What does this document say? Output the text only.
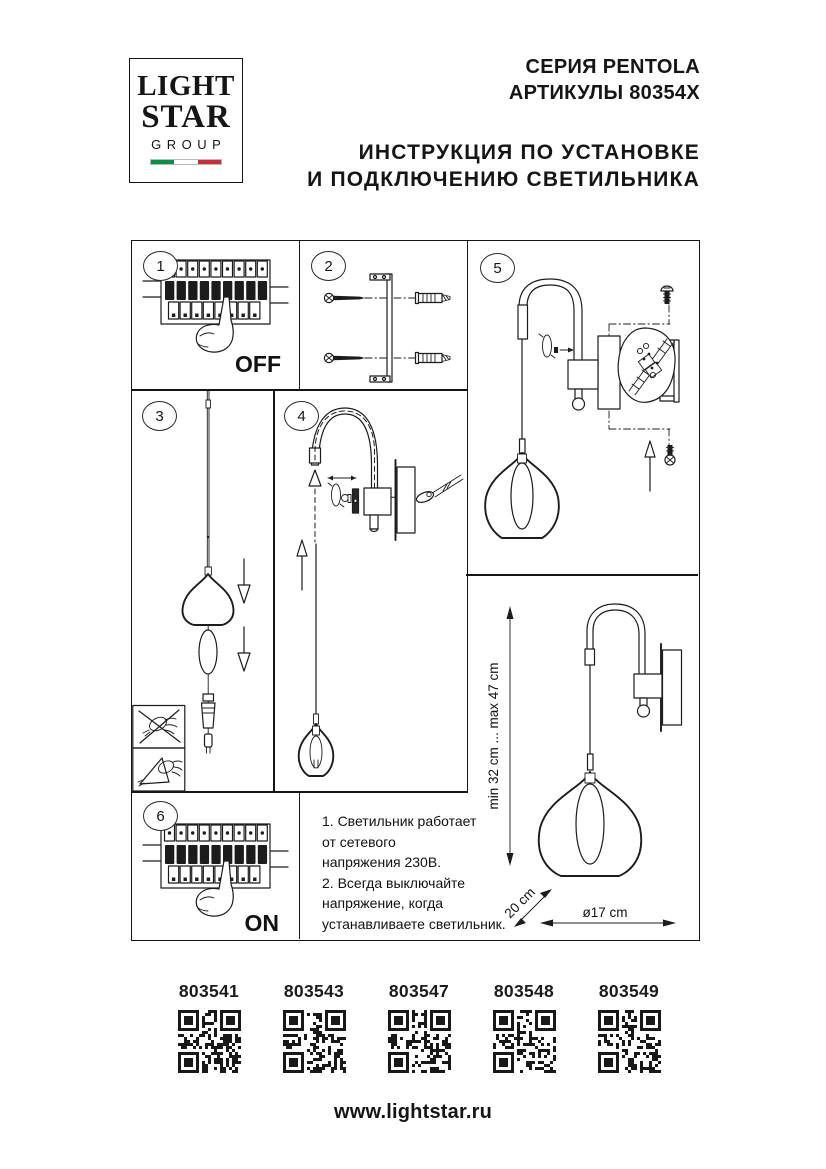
LIGHT
STAR
GROUP
СЕРИЯ PENTOLA
АРТИКУЛЫ 80354X
ИНСТРУКЦИЯ ПО УСТАНОВКЕ
И ПОДКЛЮЧЕНИЮ СВЕТИЛЬНИКА
1	2	5
3	4
6
OFF
ON
min 32 cm ... max 47 cm
20 cm	ø17 cm
1. Светильник работает
от сетевого
напряжения 230В.
2. Всегда выключайте
напряжение, когда
устанавливаете светильник.
803541	803543	803547	803548	803549
www.lightstar.ru
